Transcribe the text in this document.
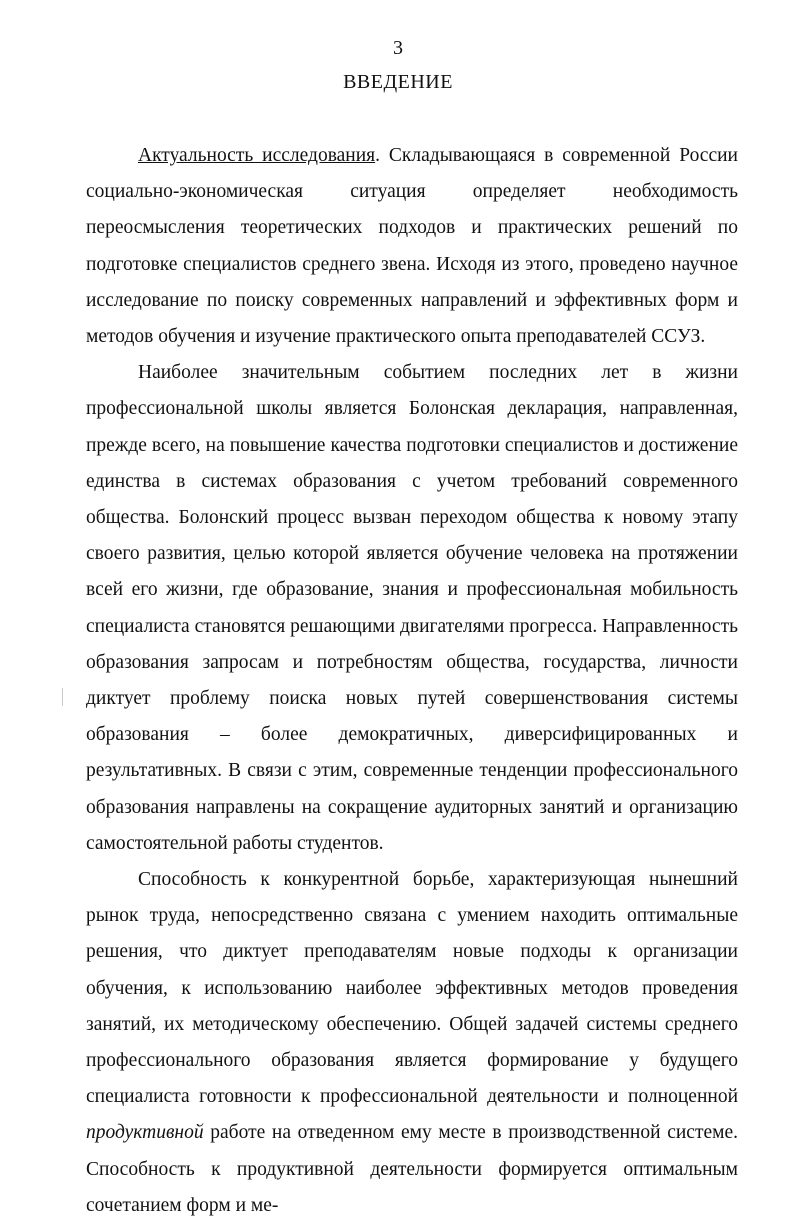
3
ВВЕДЕНИЕ

Актуальность исследования. Складывающаяся в современной России социально-экономическая ситуация определяет необходимость переосмысления теоретических подходов и практических решений по подготовке специалистов среднего звена. Исходя из этого, проведено научное исследование по поиску современных направлений и эффективных форм и методов обучения и изучение практического опыта преподавателей ССУЗ.

Наиболее значительным событием последних лет в жизни профессиональной школы является Болонская декларация, направленная, прежде всего, на повышение качества подготовки специалистов и достижение единства в системах образования с учетом требований современного общества. Болонский процесс вызван переходом общества к новому этапу своего развития, целью которой является обучение человека на протяжении всей его жизни, где образование, знания и профессиональная мобильность специалиста становятся решающими двигателями прогресса. Направленность образования запросам и потребностям общества, государства, личности диктует проблему поиска новых путей совершенствования системы образования – более демократичных, диверсифицированных и результативных. В связи с этим, современные тенденции профессионального образования направлены на сокращение аудиторных занятий и организацию самостоятельной работы студентов.

Способность к конкурентной борьбе, характеризующая нынешний рынок труда, непосредственно связана с умением находить оптимальные решения, что диктует преподавателям новые подходы к организации обучения, к использованию наиболее эффективных методов проведения занятий, их методическому обеспечению. Общей задачей системы среднего профессионального образования является формирование у будущего специалиста готовности к профессиональной деятельности и полноценной продуктивной работе на отведенном ему месте в производственной системе. Способность к продуктивной деятельности формируется оптимальным сочетанием форм и ме-
